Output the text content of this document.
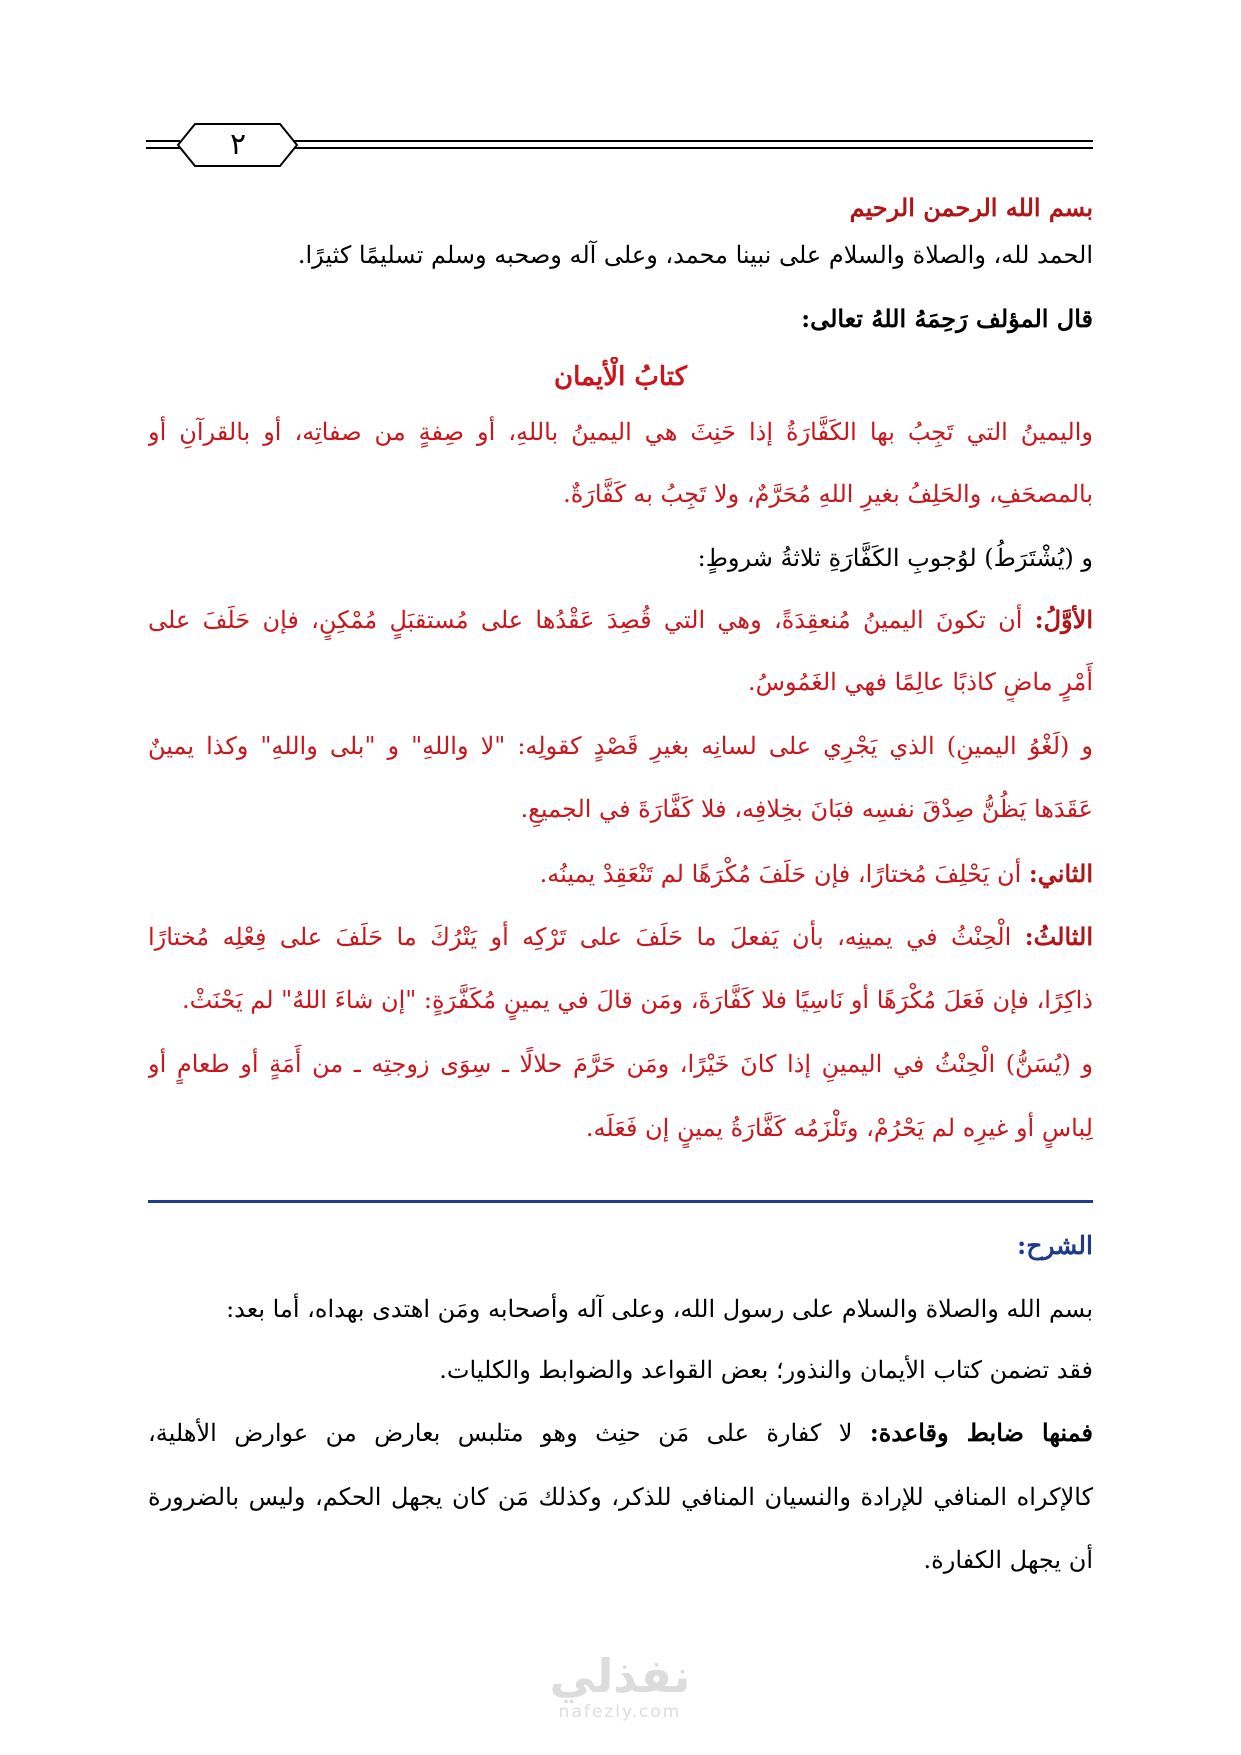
٢
بسم الله الرحمن الرحيم
الحمد لله، والصلاة والسلام على نبينا محمد، وعلى آله وصحبه وسلم تسليمًا كثيرًا.
قال المؤلف رَحِمَهُ اللهُ تعالى:
كتابُ الْأيمان
واليمينُ التي تَجِبُ بها الكَفَّارَةُ إذا حَنِثَ هي اليمينُ باللهِ، أو صِفةٍ من صفاتِه، أو بالقرآنِ أو
بالمصحَفِ، والحَلِفُ بغيرِ اللهِ مُحَرَّمٌ، ولا تَجِبُ به كَفَّارَةٌ.
و (يُشْتَرَطُ) لوُجوبِ الكَفَّارَةِ ثلاثةُ شروطٍ:
الأوَّلُ: أن تكونَ اليمينُ مُنعقِدَةً، وهي التي قُصِدَ عَقْدُها على مُستقبَلٍ مُمْكِنٍ، فإن حَلَفَ على
أَمْرٍ ماضٍ كاذبًا عالِمًا فهي الغَمُوسُ.
و (لَغْوُ اليمينِ) الذي يَجْرِي على لسانِه بغيرِ قَصْدٍ كقولِه: "لا واللهِ" و "بلى واللهِ" وكذا يمينٌ
عَقَدَها يَظُنُّ صِدْقَ نفسِه فبَانَ بخِلافِه، فلا كَفَّارَةَ في الجميعِ.
الثاني: أن يَحْلِفَ مُختارًا، فإن حَلَفَ مُكْرَهًا لم تَنْعَقِدْ يمينُه.
الثالثُ: الْحِنْثُ في يمينِه، بأن يَفعلَ ما حَلَفَ على تَرْكِه أو يَتْرُكَ ما حَلَفَ على فِعْلِه مُختارًا
ذاكِرًا، فإن فَعَلَ مُكْرَهًا أو نَاسِيًا فلا كَفَّارَةَ، ومَن قالَ في يمينٍ مُكَفَّرَةٍ: "إن شاءَ اللهُ" لم يَحْنَثْ.
و (يُسَنُّ) الْحِنْثُ في اليمينِ إذا كانَ خَيْرًا، ومَن حَرَّمَ حلالًا ـ سِوَى زوجتِه ـ من أَمَةٍ أو طعامٍ أو
لِباسٍ أو غيرِه لم يَحْرُمْ، وتَلْزَمُه كَفَّارَةُ يمينٍ إن فَعَلَه.
الشرح:
بسم الله والصلاة والسلام على رسول الله، وعلى آله وأصحابه ومَن اهتدى بهداه، أما بعد:
فقد تضمن كتاب الأيمان والنذور؛ بعض القواعد والضوابط والكليات.
فمنها ضابط وقاعدة: لا كفارة على مَن حنِث وهو متلبس بعارض من عوارض الأهلية،
كالإكراه المنافي للإرادة والنسيان المنافي للذكر، وكذلك مَن كان يجهل الحكم، وليس بالضرورة
أن يجهل الكفارة.
نفذلي
nafezly.com
